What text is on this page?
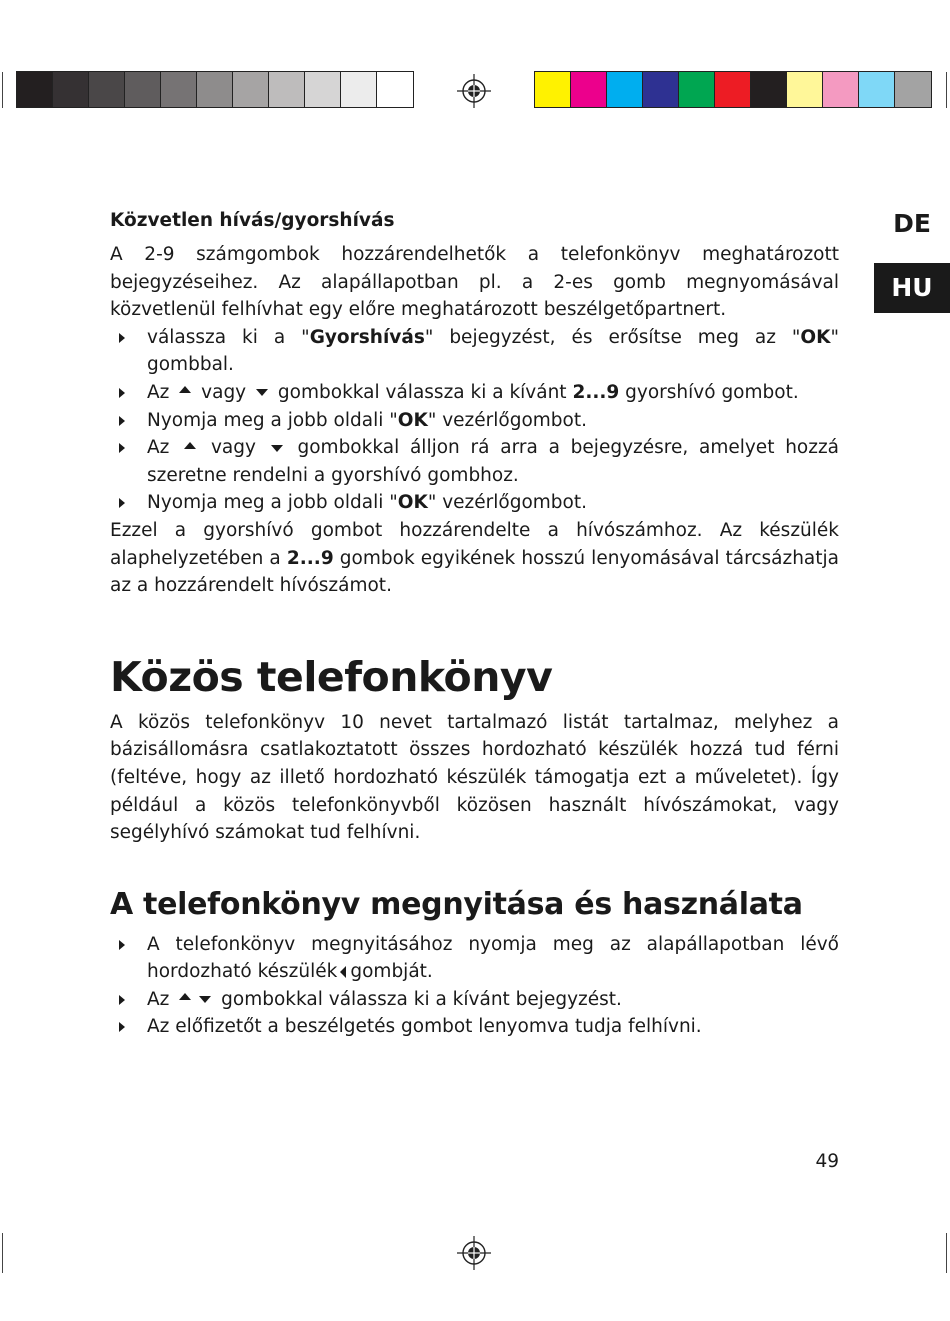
DE
HU
Közvetlen hívás/gyorshívás

A 2-9 számgombok hozzárendelhetők a telefonkönyv meghatározott bejegyzéseihez. Az alapállapotban pl. a 2-es gomb megnyomásával közvetlenül felhívhat egy előre meghatározott beszélgetőpartnert.

válassza ki a "Gyorshívás" bejegyzést, és erősítse meg az "OK" gombbal.
Az vagy gombokkal válassza ki a kívánt 2...9 gyorshívó gombot.
Nyomja meg a jobb oldali "OK" vezérlőgombot.
Az vagy gombokkal álljon rá arra a bejegyzésre, amelyet hozzá szeretne rendelni a gyorshívó gombhoz.
Nyomja meg a jobb oldali "OK" vezérlőgombot.

Ezzel a gyorshívó gombot hozzárendelte a hívószámhoz. Az készülék alaphelyzetében a 2...9 gombok egyikének hosszú lenyomásával tárcsázhatja az a hozzárendelt hívószámot.

Közös telefonkönyv

A közös telefonkönyv 10 nevet tartalmazó listát tartalmaz, melyhez a bázisállomásra csatlakoztatott összes hordozható készülék hozzá tud férni (feltéve, hogy az illető hordozható készülék támogatja ezt a műveletet). Így például a közös telefonkönyvből közösen használt hívószámokat, vagy segélyhívó számokat tud felhívni.

A telefonkönyv megnyitása és használata
A telefonkönyv megnyitásához nyomja meg az alapállapotban lévő hordozható készülék gombját.
Az	gombokkal válassza ki a kívánt bejegyzést.
Az előfizetőt a beszélgetés gombot lenyomva tudja felhívni.
49
